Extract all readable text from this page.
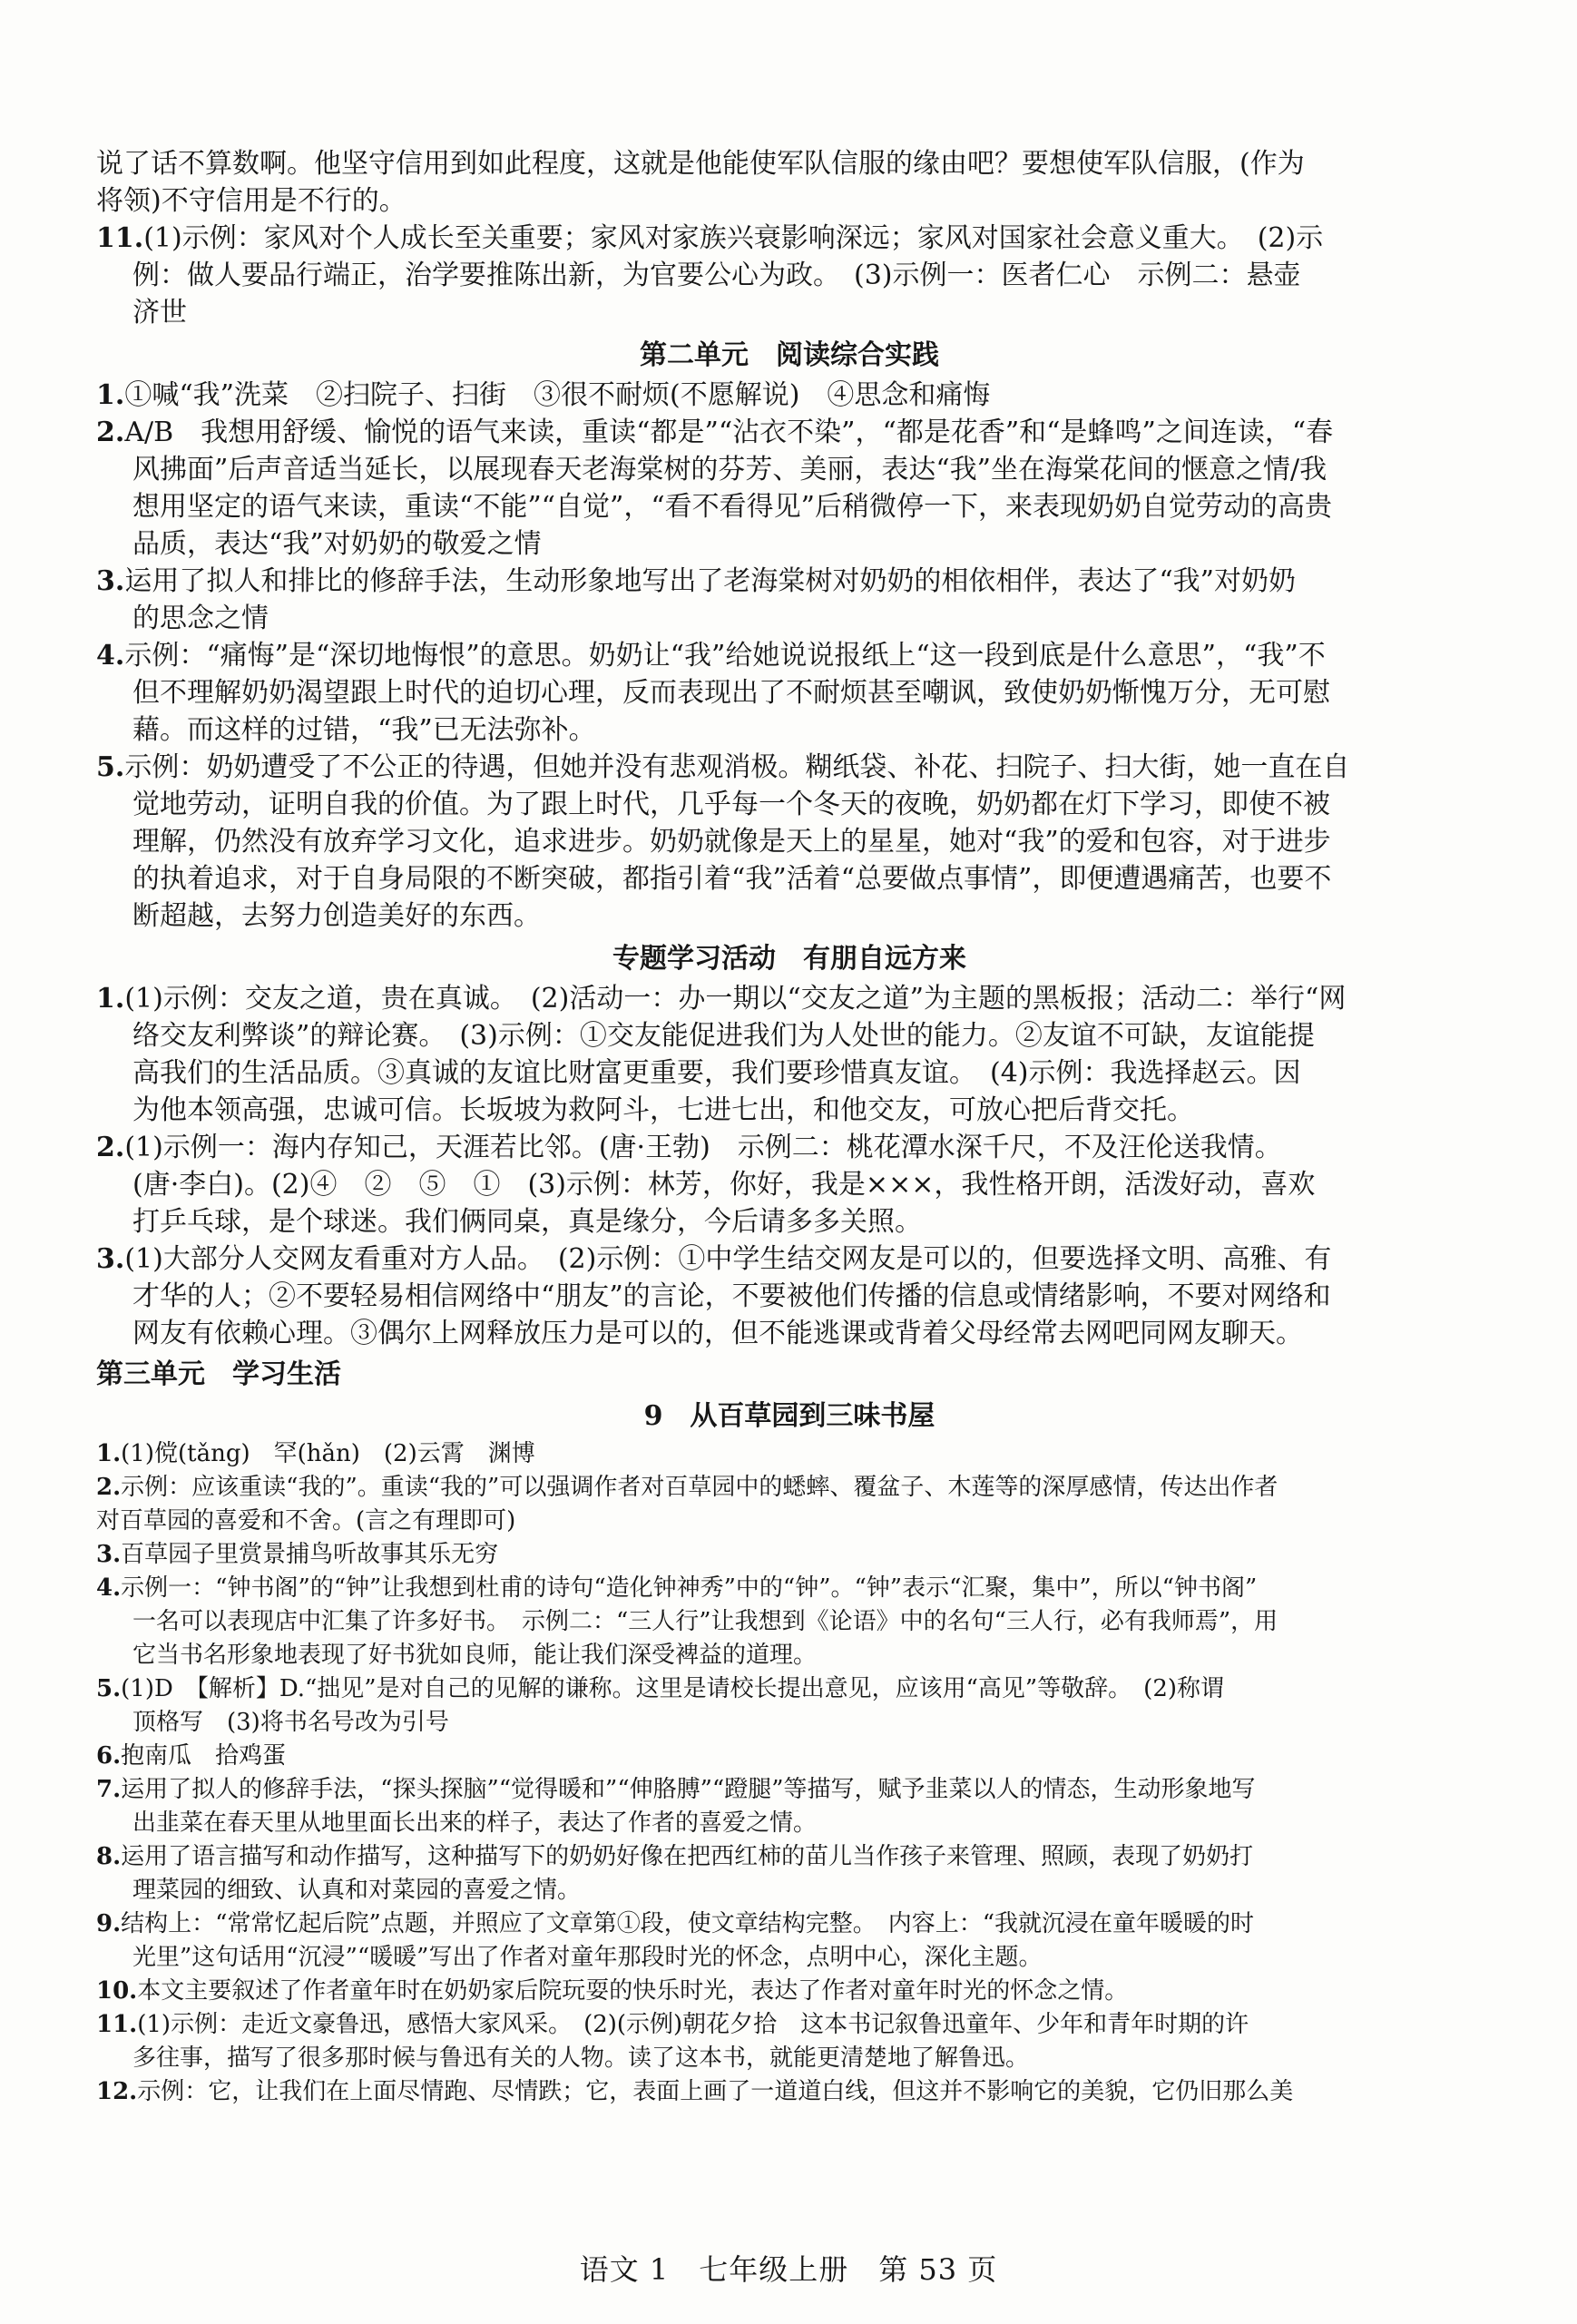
说了话不算数啊。他坚守信用到如此程度，这就是他能使军队信服的缘由吧？要想使军队信服，(作为
将领)不守信用是不行的。
11.(1)示例：家风对个人成长至关重要；家风对家族兴衰影响深远；家风对国家社会意义重大。　(2)示
例：做人要品行端正，治学要推陈出新，为官要公心为政。　(3)示例一：医者仁心　示例二：悬壶
济世
第二单元　阅读综合实践
1.①喊“我”洗菜　②扫院子、扫街　③很不耐烦(不愿解说)　④思念和痛悔
2.A/B　我想用舒缓、愉悦的语气来读，重读“都是”“沾衣不染”，“都是花香”和“是蜂鸣”之间连读，“春
风拂面”后声音适当延长，以展现春天老海棠树的芬芳、美丽，表达“我”坐在海棠花间的惬意之情/我
想用坚定的语气来读，重读“不能”“自觉”，“看不看得见”后稍微停一下，来表现奶奶自觉劳动的高贵
品质，表达“我”对奶奶的敬爱之情
3.运用了拟人和排比的修辞手法，生动形象地写出了老海棠树对奶奶的相依相伴，表达了“我”对奶奶
的思念之情
4.示例：“痛悔”是“深切地悔恨”的意思。奶奶让“我”给她说说报纸上“这一段到底是什么意思”，“我”不
但不理解奶奶渴望跟上时代的迫切心理，反而表现出了不耐烦甚至嘲讽，致使奶奶惭愧万分，无可慰
藉。而这样的过错，“我”已无法弥补。
5.示例：奶奶遭受了不公正的待遇，但她并没有悲观消极。糊纸袋、补花、扫院子、扫大街，她一直在自
觉地劳动，证明自我的价值。为了跟上时代，几乎每一个冬天的夜晚，奶奶都在灯下学习，即使不被
理解，仍然没有放弃学习文化，追求进步。奶奶就像是天上的星星，她对“我”的爱和包容，对于进步
的执着追求，对于自身局限的不断突破，都指引着“我”活着“总要做点事情”，即便遭遇痛苦，也要不
断超越，去努力创造美好的东西。
专题学习活动　有朋自远方来
1.(1)示例：交友之道，贵在真诚。　(2)活动一：办一期以“交友之道”为主题的黑板报；活动二：举行“网
络交友利弊谈”的辩论赛。　(3)示例：①交友能促进我们为人处世的能力。②友谊不可缺，友谊能提
高我们的生活品质。③真诚的友谊比财富更重要，我们要珍惜真友谊。　(4)示例：我选择赵云。因
为他本领高强，忠诚可信。长坂坡为救阿斗，七进七出，和他交友，可放心把后背交托。
2.(1)示例一：海内存知己，天涯若比邻。(唐·王勃)　示例二：桃花潭水深千尺，不及汪伦送我情。
(唐·李白)。(2)④　②　⑤　①　(3)示例：林芳，你好，我是×××，我性格开朗，活泼好动，喜欢
打乒乓球，是个球迷。我们俩同桌，真是缘分，今后请多多关照。
3.(1)大部分人交网友看重对方人品。　(2)示例：①中学生结交网友是可以的，但要选择文明、高雅、有
才华的人；②不要轻易相信网络中“朋友”的言论，不要被他们传播的信息或情绪影响，不要对网络和
网友有依赖心理。③偶尔上网释放压力是可以的，但不能逃课或背着父母经常去网吧同网友聊天。
第三单元　学习生活
9　从百草园到三味书屋
1.(1)傥(tǎng)　罕(hǎn)　(2)云霄　渊博
2.示例：应该重读“我的”。重读“我的”可以强调作者对百草园中的蟋蟀、覆盆子、木莲等的深厚感情，传达出作者
对百草园的喜爱和不舍。(言之有理即可)
3.百草园子里赏景捕鸟听故事其乐无穷
4.示例一：“钟书阁”的“钟”让我想到杜甫的诗句“造化钟神秀”中的“钟”。“钟”表示“汇聚，集中”，所以“钟书阁”
一名可以表现店中汇集了许多好书。　示例二：“三人行”让我想到《论语》中的名句“三人行，必有我师焉”，用
它当书名形象地表现了好书犹如良师，能让我们深受裨益的道理。
5.(1)D　【解析】D.“拙见”是对自己的见解的谦称。这里是请校长提出意见，应该用“高见”等敬辞。　(2)称谓
顶格写　(3)将书名号改为引号
6.抱南瓜　拾鸡蛋
7.运用了拟人的修辞手法，“探头探脑”“觉得暖和”“伸胳膊”“蹬腿”等描写，赋予韭菜以人的情态，生动形象地写
出韭菜在春天里从地里面长出来的样子，表达了作者的喜爱之情。
8.运用了语言描写和动作描写，这种描写下的奶奶好像在把西红柿的苗儿当作孩子来管理、照顾，表现了奶奶打
理菜园的细致、认真和对菜园的喜爱之情。
9.结构上：“常常忆起后院”点题，并照应了文章第①段，使文章结构完整。　内容上：“我就沉浸在童年暖暖的时
光里”这句话用“沉浸”“暖暖”写出了作者对童年那段时光的怀念，点明中心，深化主题。
10.本文主要叙述了作者童年时在奶奶家后院玩耍的快乐时光，表达了作者对童年时光的怀念之情。
11.(1)示例：走近文豪鲁迅，感悟大家风采。　(2)(示例)朝花夕拾　这本书记叙鲁迅童年、少年和青年时期的许
多往事，描写了很多那时候与鲁迅有关的人物。读了这本书，就能更清楚地了解鲁迅。
12.示例：它，让我们在上面尽情跑、尽情跌；它，表面上画了一道道白线，但这并不影响它的美貌，它仍旧那么美
语文 1　七年级上册　第 53 页
